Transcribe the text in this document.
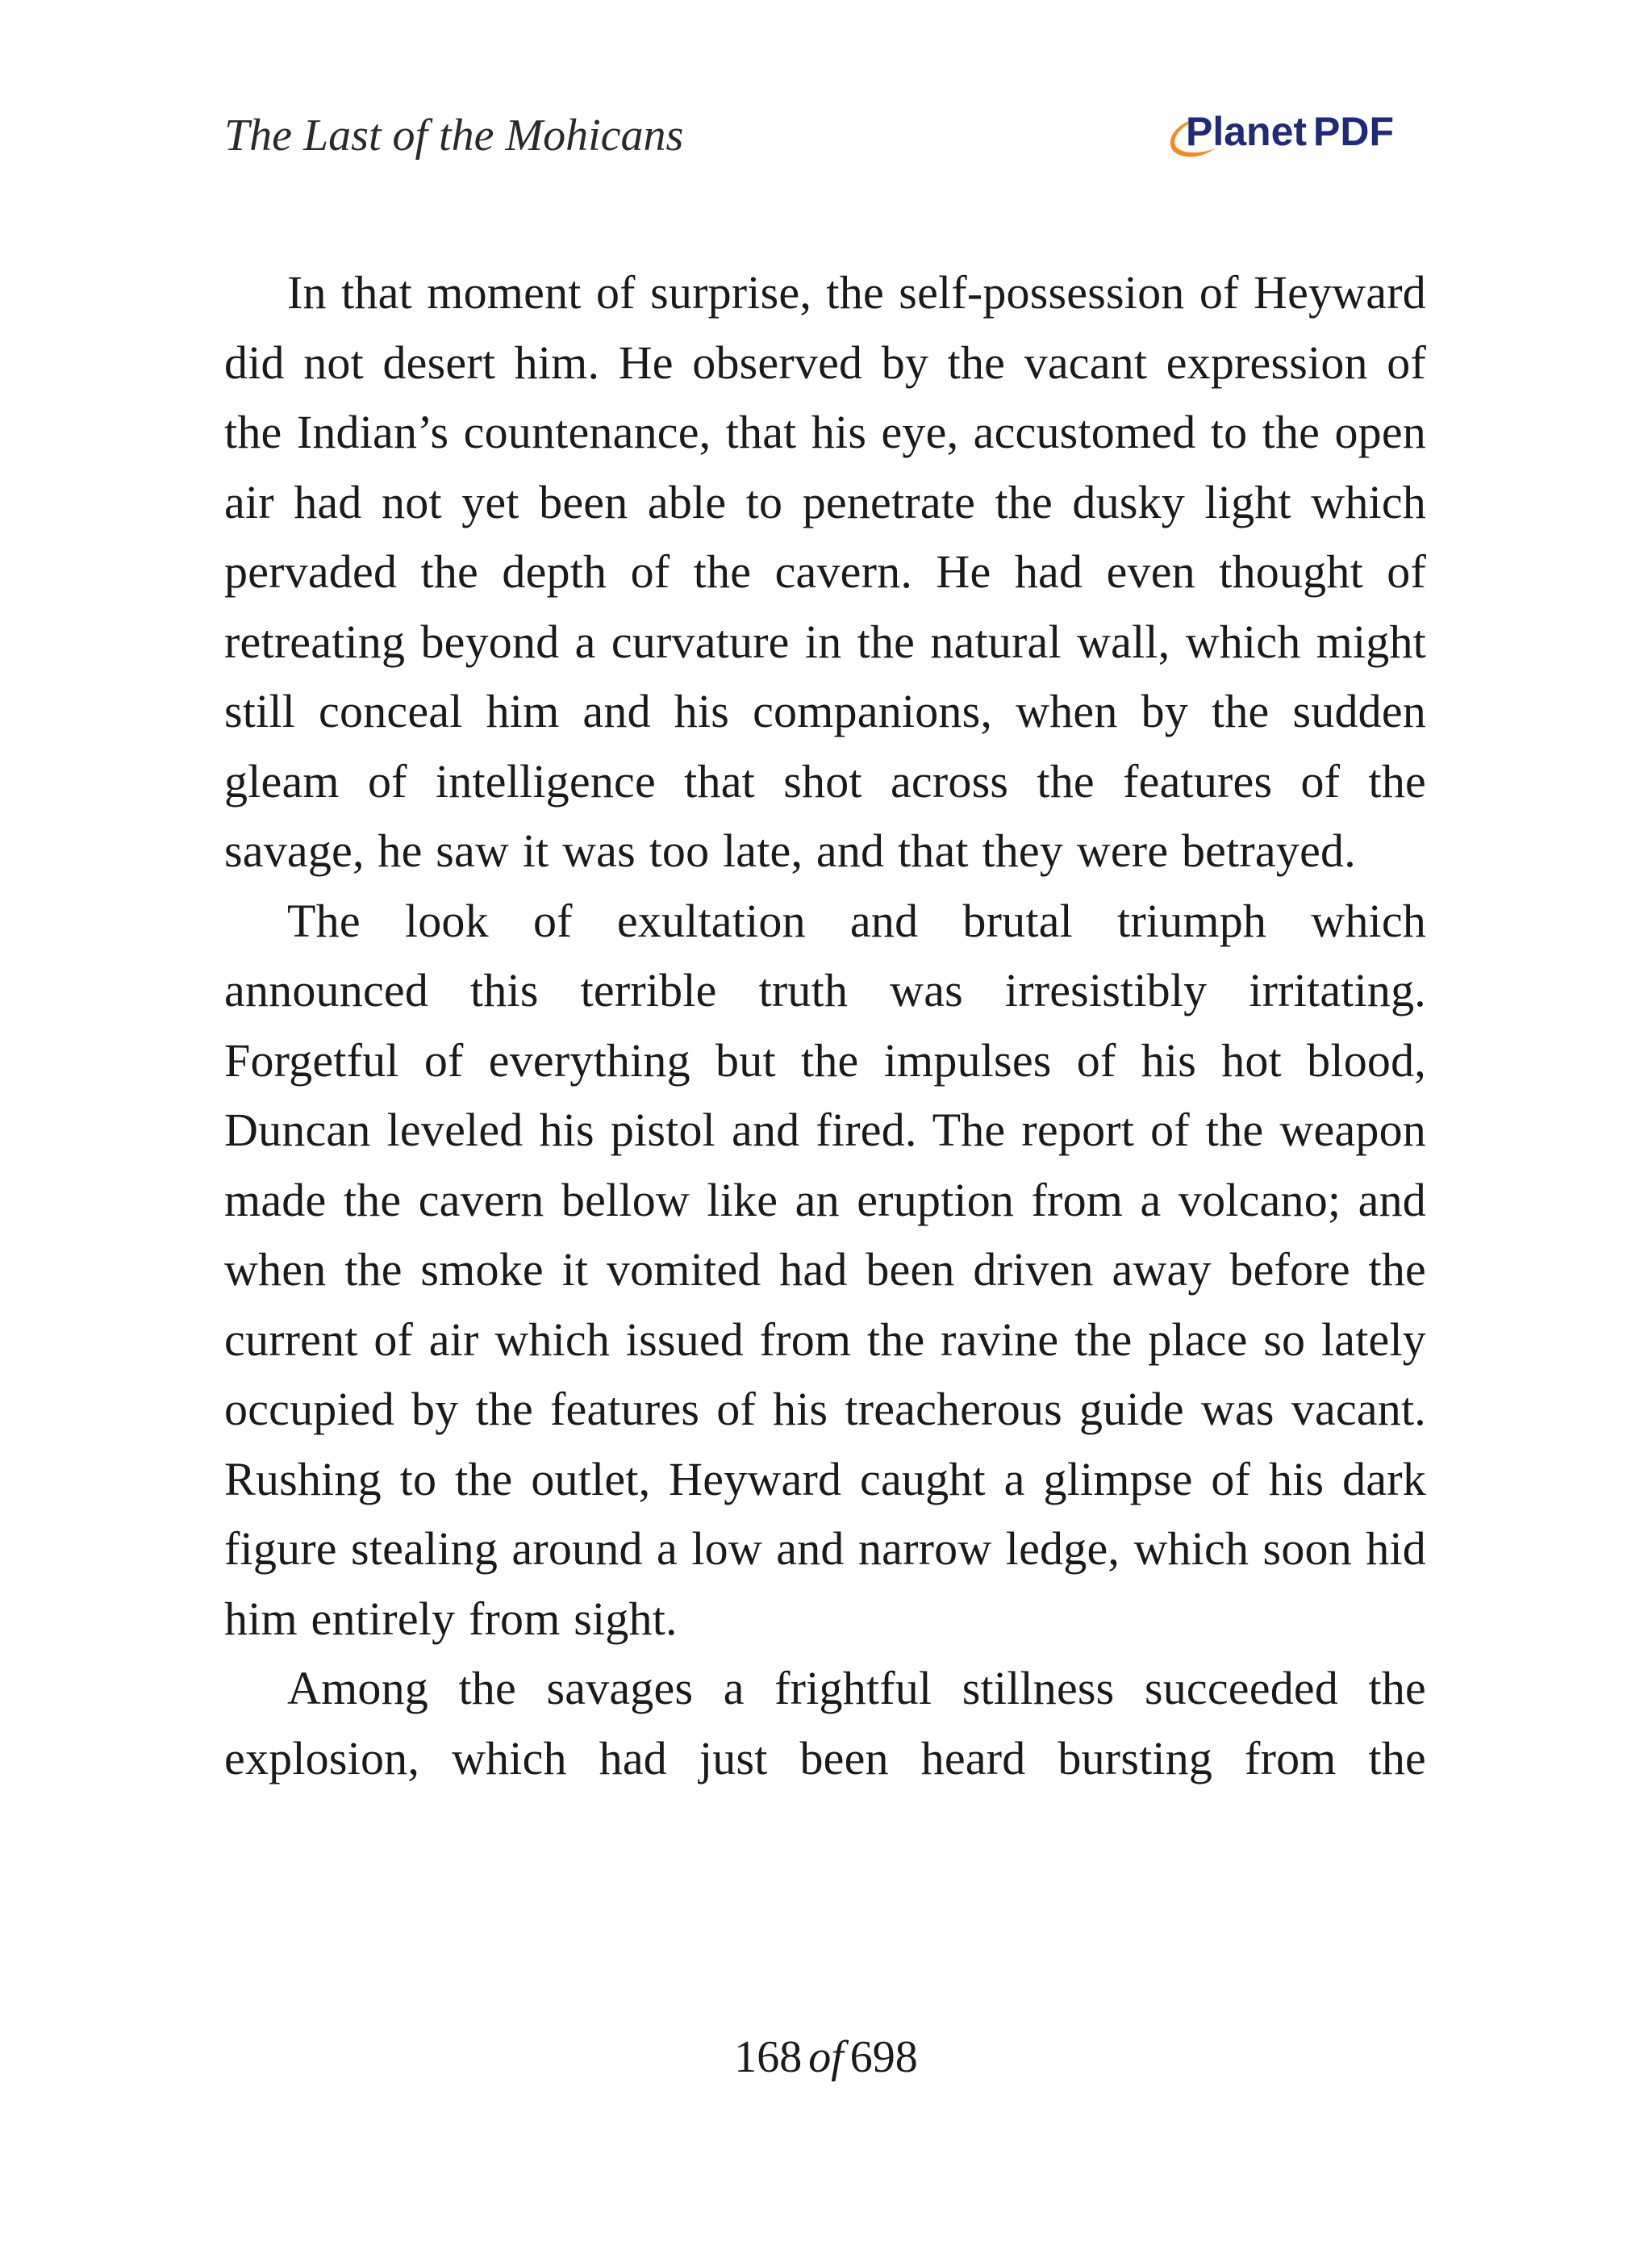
The Last of the Mohicans	Planet PDF

In that moment of surprise, the self-possession of Heyward did not desert him. He observed by the vacant expression of the Indian’s countenance, that his eye, accustomed to the open air had not yet been able to penetrate the dusky light which pervaded the depth of the cavern. He had even thought of retreating beyond a curvature in the natural wall, which might still conceal him and his companions, when by the sudden gleam of intelligence that shot across the features of the savage, he saw it was too late, and that they were betrayed.

The look of exultation and brutal triumph which announced this terrible truth was irresistibly irritating. Forgetful of everything but the impulses of his hot blood, Duncan leveled his pistol and fired. The report of the weapon made the cavern bellow like an eruption from a volcano; and when the smoke it vomited had been driven away before the current of air which issued from the ravine the place so lately occupied by the features of his treacherous guide was vacant. Rushing to the outlet, Heyward caught a glimpse of his dark figure stealing around a low and narrow ledge, which soon hid him entirely from sight.

Among the savages a frightful stillness succeeded the explosion, which had just been heard bursting from the

168 of 698
